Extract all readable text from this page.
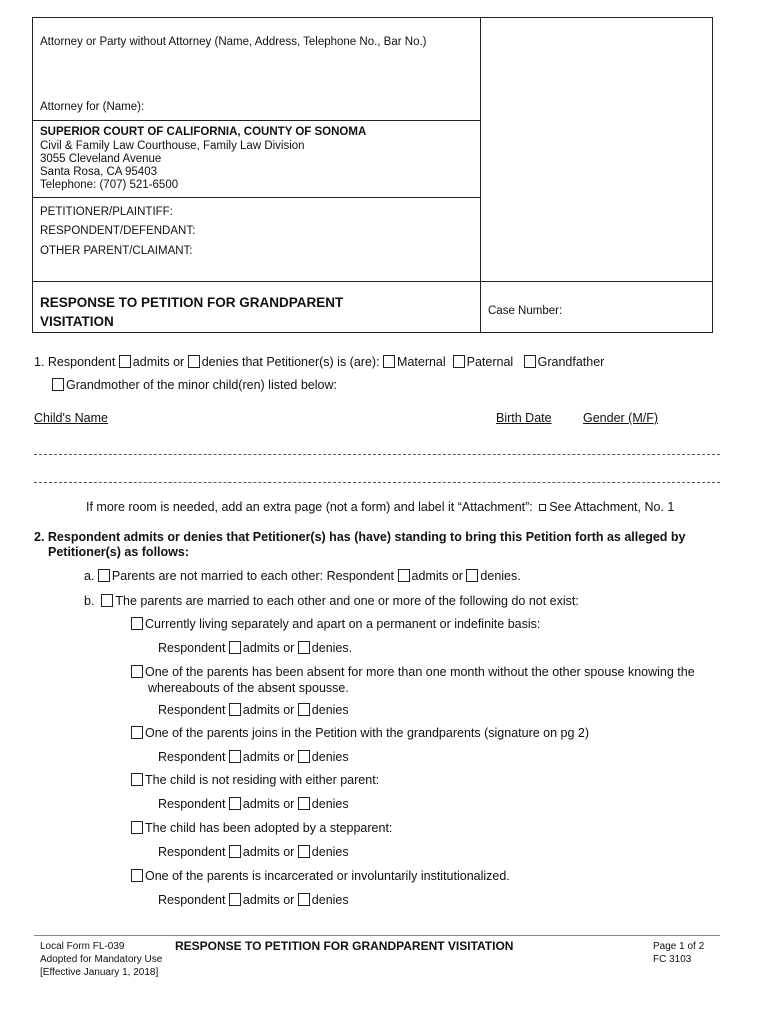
Attorney or Party without Attorney (Name, Address, Telephone No., Bar No.)
Attorney for (Name):
SUPERIOR COURT OF CALIFORNIA, COUNTY OF SONOMA
Civil & Family Law Courthouse, Family Law Division
3055 Cleveland Avenue
Santa Rosa, CA 95403
Telephone: (707) 521-6500
PETITIONER/PLAINTIFF:
RESPONDENT/DEFENDANT:
OTHER PARENT/CLAIMANT:
RESPONSE TO PETITION FOR GRANDPARENT
VISITATION
Case Number:
1. Respondent admits or denies that Petitioner(s) is (are): Maternal Paternal Grandfather
Grandmother of the minor child(ren) listed below:
Child's Name	Birth Date	Gender (M/F)
If more room is needed, add an extra page (not a form) and label it “Attachment”: See Attachment, No. 1
2. Respondent admits or denies that Petitioner(s) has (have) standing to bring this Petition forth as alleged by
Petitioner(s) as follows:
a. Parents are not married to each other: Respondent admits or denies.
b. The parents are married to each other and one or more of the following do not exist:
Currently living separately and apart on a permanent or indefinite basis:
Respondent admits or denies.
One of the parents has been absent for more than one month without the other spouse knowing the
whereabouts of the absent spousse.
Respondent admits or denies
One of the parents joins in the Petition with the grandparents (signature on pg 2)
Respondent admits or denies
The child is not residing with either parent:
Respondent admits or denies
The child has been adopted by a stepparent:
Respondent admits or denies
One of the parents is incarcerated or involuntarily institutionalized.
Respondent admits or denies
Local Form FL-039
Adopted for Mandatory Use
[Effective January 1, 2018]
RESPONSE TO PETITION FOR GRANDPARENT VISITATION	Page 1 of 2
FC 3103
